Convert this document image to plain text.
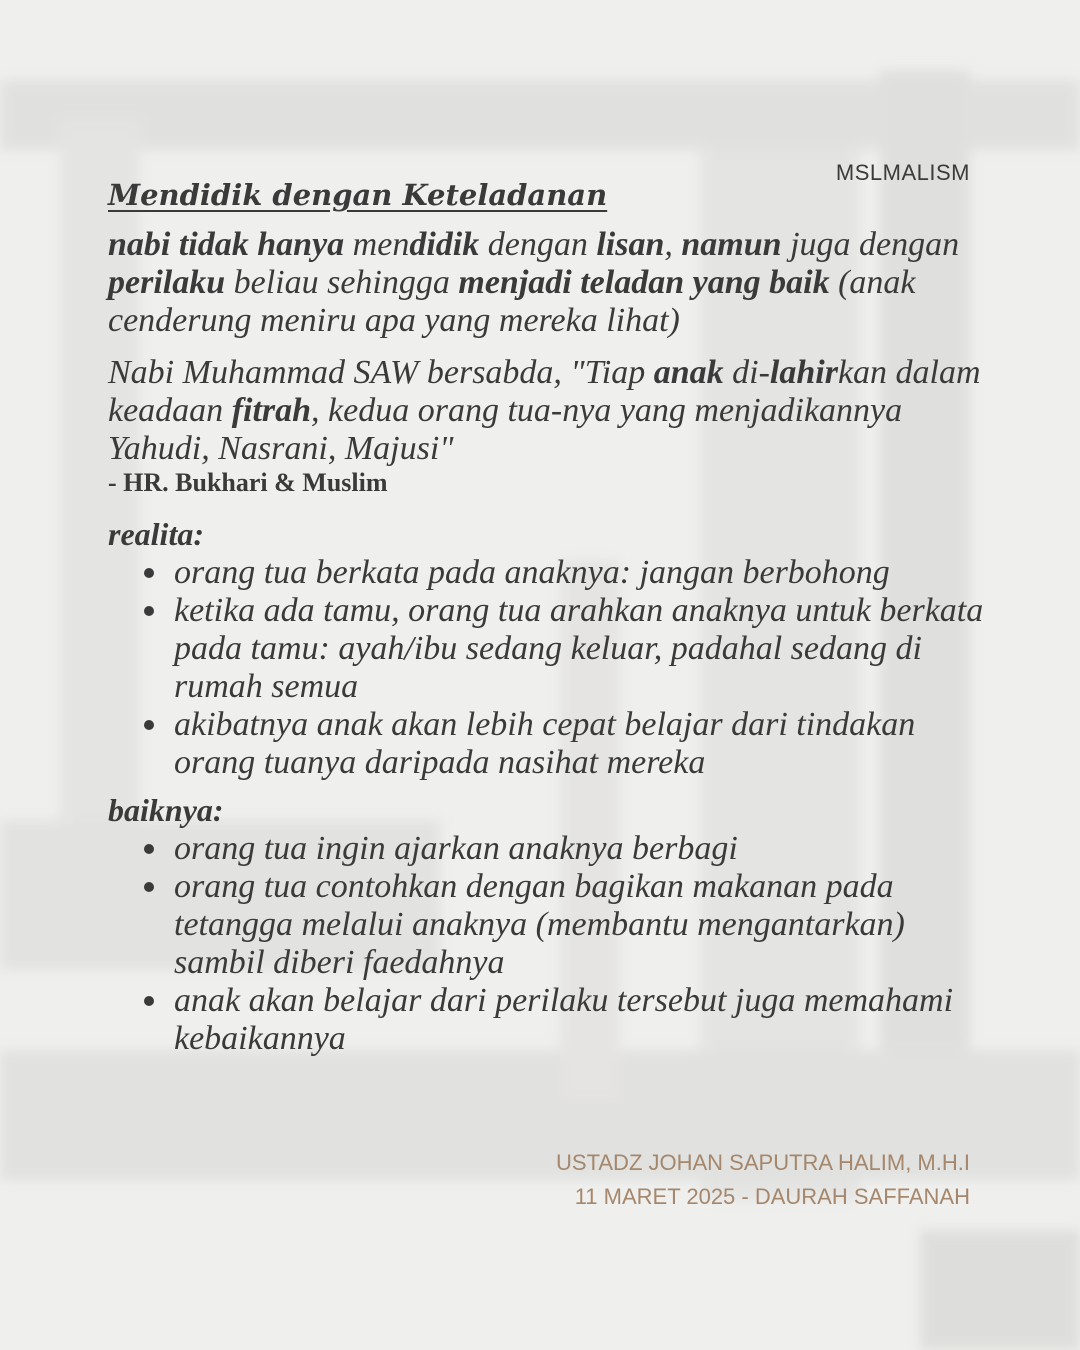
MSLMALISM
Mendidik dengan Keteladanan

nabi tidak hanya mendidik dengan lisan, namun juga dengan perilaku beliau sehingga menjadi teladan yang baik (anak cenderung meniru apa yang mereka lihat)

Nabi Muhammad SAW bersabda, "Tiap anak di-lahirkan dalam keadaan fitrah, kedua orang tua-nya yang menjadikannya Yahudi, Nasrani, Majusi"

- HR. Bukhari & Muslim
realita:
orang tua berkata pada anaknya: jangan berbohong
ketika ada tamu, orang tua arahkan anaknya untuk berkata pada tamu: ayah/ibu sedang keluar, padahal sedang di rumah semua
akibatnya anak akan lebih cepat belajar dari tindakan orang tuanya daripada nasihat mereka
baiknya:
orang tua ingin ajarkan anaknya berbagi
orang tua contohkan dengan bagikan makanan pada tetangga melalui anaknya (membantu mengantarkan) sambil diberi faedahnya
anak akan belajar dari perilaku tersebut juga memahami kebaikannya
USTADZ JOHAN SAPUTRA HALIM, M.H.I
11 MARET 2025 - DAURAH SAFFANAH
